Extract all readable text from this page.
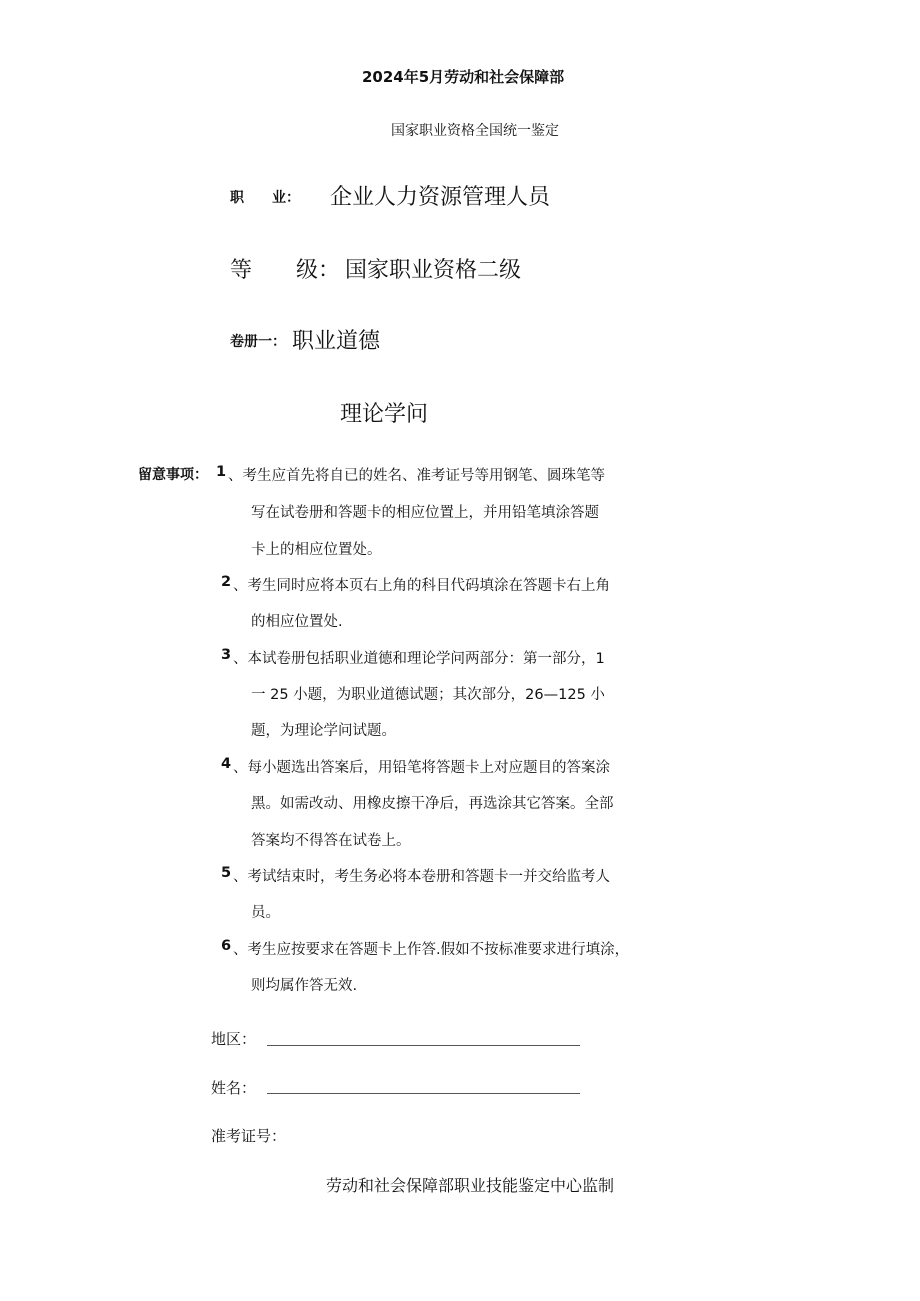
2024年5月劳动和社会保障部
国家职业资格全国统一鉴定
职　　业： 企业人力资源管理人员
等　　级： 国家职业资格二级
卷册一： 职业道德
理论学问
留意事项： 1 、考生应首先将自已的姓名、准考证号等用钢笔、圆珠笔等
写在试卷册和答题卡的相应位置上，并用铅笔填涂答题
卡上的相应位置处。
2 、考生同时应将本页右上角的科目代码填涂在答题卡右上角
的相应位置处.
3 、本试卷册包括职业道德和理论学问两部分：第一部分，1
一 25 小题，为职业道德试题；其次部分，26—125 小
题，为理论学问试题。
4 、每小题选出答案后，用铅笔将答题卡上对应题目的答案涂
黑。如需改动、用橡皮擦干净后，再选涂其它答案。全部
答案均不得答在试卷上。
5 、考试结束时，考生务必将本卷册和答题卡一并交给监考人
员。
6 、考生应按要求在答题卡上作答.假如不按标准要求进行填涂，
则均属作答无效.
地区：
姓名：
准考证号：
劳动和社会保障部职业技能鉴定中心监制
